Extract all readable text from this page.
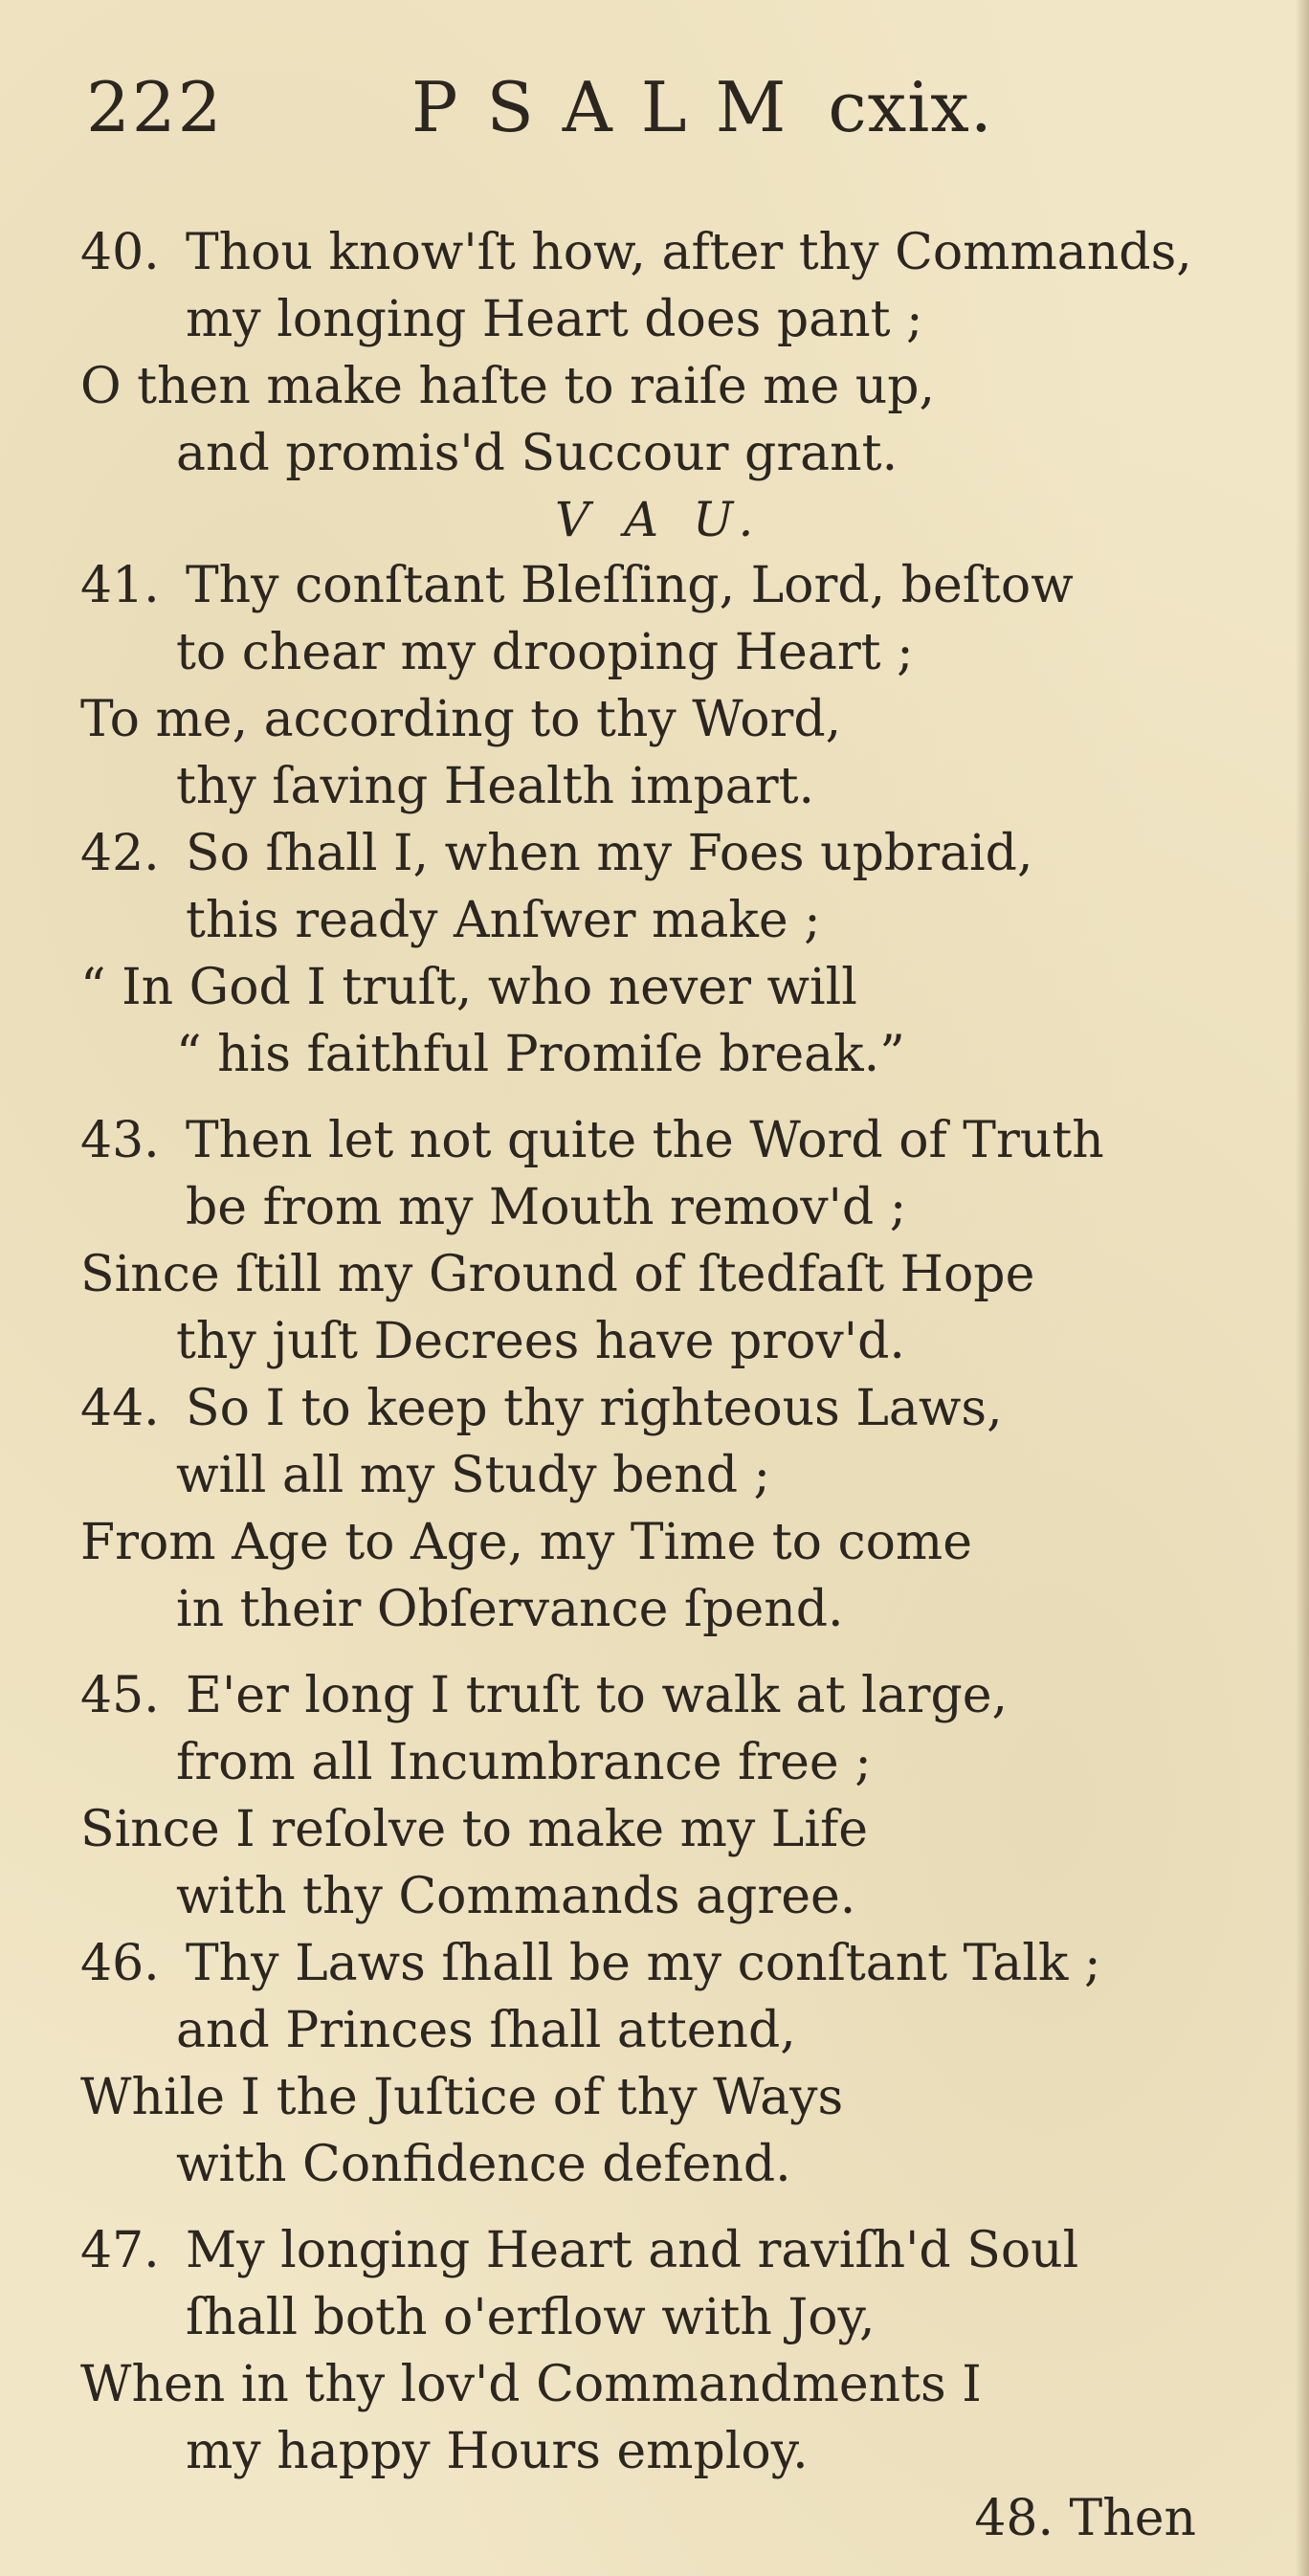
222	PSALM cxix.
40. Thou know'ſt how, after thy Commands,
my longing Heart does pant ;
O then make haſte to raiſe me up,
and promis'd Succour grant.
V A U.
41. Thy conſtant Bleſſing, Lord, beſtow
to chear my drooping Heart ;
To me, according to thy Word,
thy ſaving Health impart.
42. So ſhall I, when my Foes upbraid,
this ready Anſwer make ;
“ In God I truſt, who never will
“ his faithful Promiſe break.”
43. Then let not quite the Word of Truth
be from my Mouth remov'd ;
Since ſtill my Ground of ſtedfaſt Hope
thy juſt Decrees have prov'd.
44. So I to keep thy righteous Laws,
will all my Study bend ;
From Age to Age, my Time to come
in their Obſervance ſpend.
45. E'er long I truſt to walk at large,
from all Incumbrance free ;
Since I reſolve to make my Life
with thy Commands agree.
46. Thy Laws ſhall be my conſtant Talk ;
and Princes ſhall attend,
While I the Juſtice of thy Ways
with Confidence defend.
47. My longing Heart and raviſh'd Soul
ſhall both o'erflow with Joy,
When in thy lov'd Commandments I
my happy Hours employ.
48. Then
